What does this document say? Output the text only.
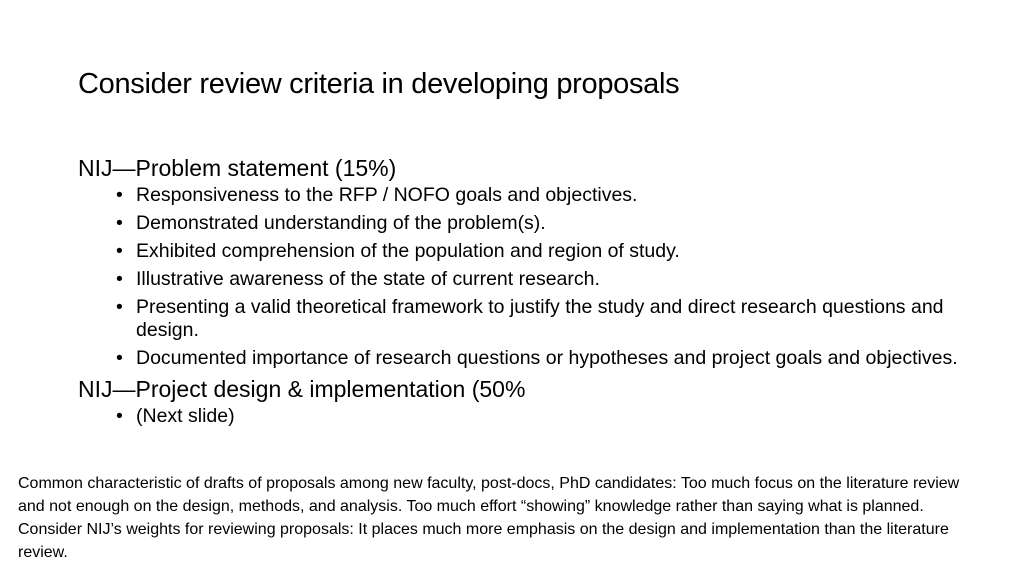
Consider review criteria in developing proposals
NIJ—Problem statement (15%)
• Responsiveness to the RFP / NOFO goals and objectives.
• Demonstrated understanding of the problem(s).
• Exhibited comprehension of the population and region of study.
• Illustrative awareness of the state of current research.
• Presenting a valid theoretical framework to justify the study and direct research questions and design.
• Documented importance of research questions or hypotheses and project goals and objectives.
NIJ—Project design & implementation (50%
• (Next slide)
Common characteristic of drafts of proposals among new faculty, post-docs, PhD candidates: Too much focus on the literature review and not enough on the design, methods, and analysis. Too much effort “showing” knowledge rather than saying what is planned. Consider NIJ’s weights for reviewing proposals: It places much more emphasis on the design and implementation than the literature review.
